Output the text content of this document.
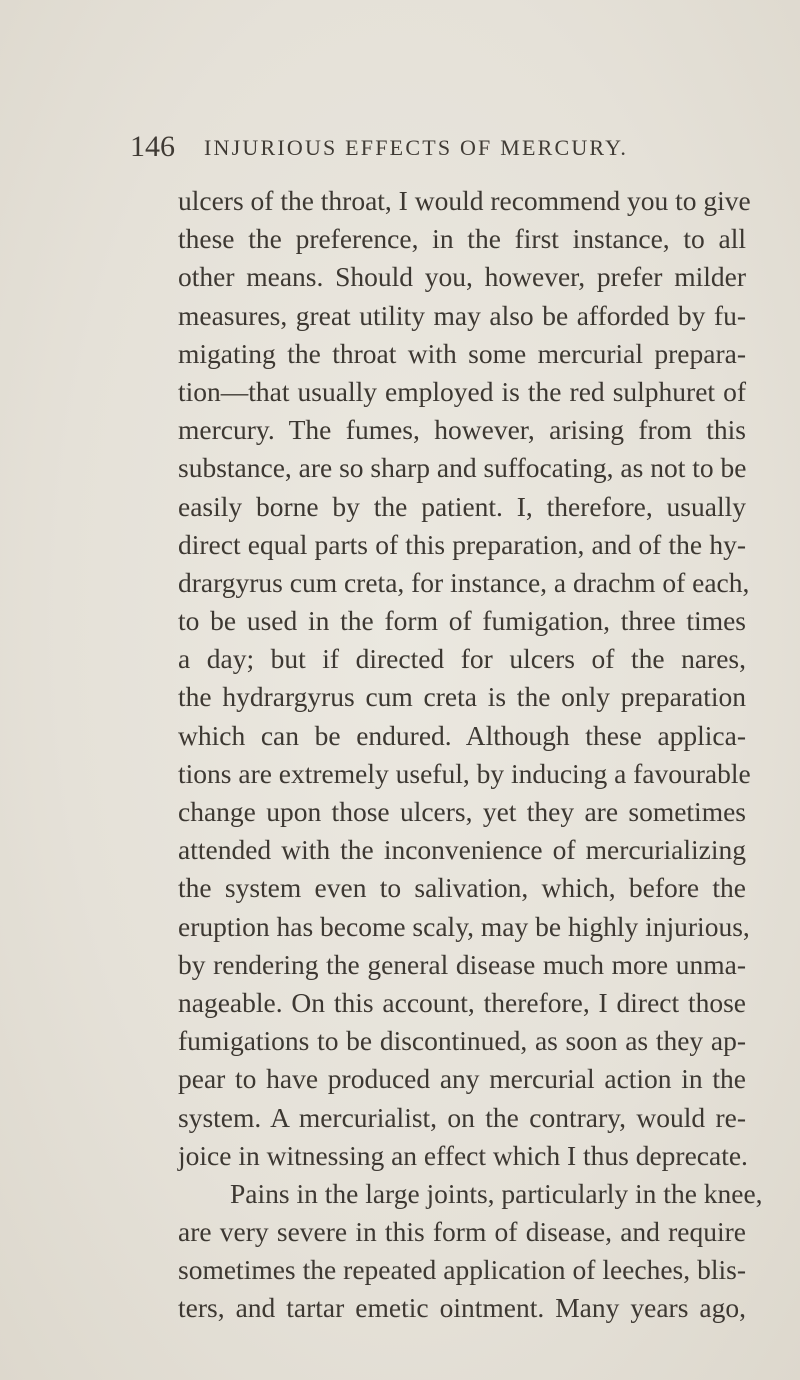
146 INJURIOUS EFFECTS OF MERCURY.
ulcers of the throat, I would recommend you to give
these the preference, in the first instance, to all
other means. Should you, however, prefer milder
measures, great utility may also be afforded by fu-
migating the throat with some mercurial prepara-
tion—that usually employed is the red sulphuret of
mercury. The fumes, however, arising from this
substance, are so sharp and suffocating, as not to be
easily borne by the patient. I, therefore, usually
direct equal parts of this preparation, and of the hy-
drargyrus cum creta, for instance, a drachm of each,
to be used in the form of fumigation, three times
a day; but if directed for ulcers of the nares,
the hydrargyrus cum creta is the only preparation
which can be endured. Although these applica-
tions are extremely useful, by inducing a favourable
change upon those ulcers, yet they are sometimes
attended with the inconvenience of mercurializing
the system even to salivation, which, before the
eruption has become scaly, may be highly injurious,
by rendering the general disease much more unma-
nageable. On this account, therefore, I direct those
fumigations to be discontinued, as soon as they ap-
pear to have produced any mercurial action in the
system. A mercurialist, on the contrary, would re-
joice in witnessing an effect which I thus deprecate.
Pains in the large joints, particularly in the knee,
are very severe in this form of disease, and require
sometimes the repeated application of leeches, blis-
ters, and tartar emetic ointment. Many years ago,
